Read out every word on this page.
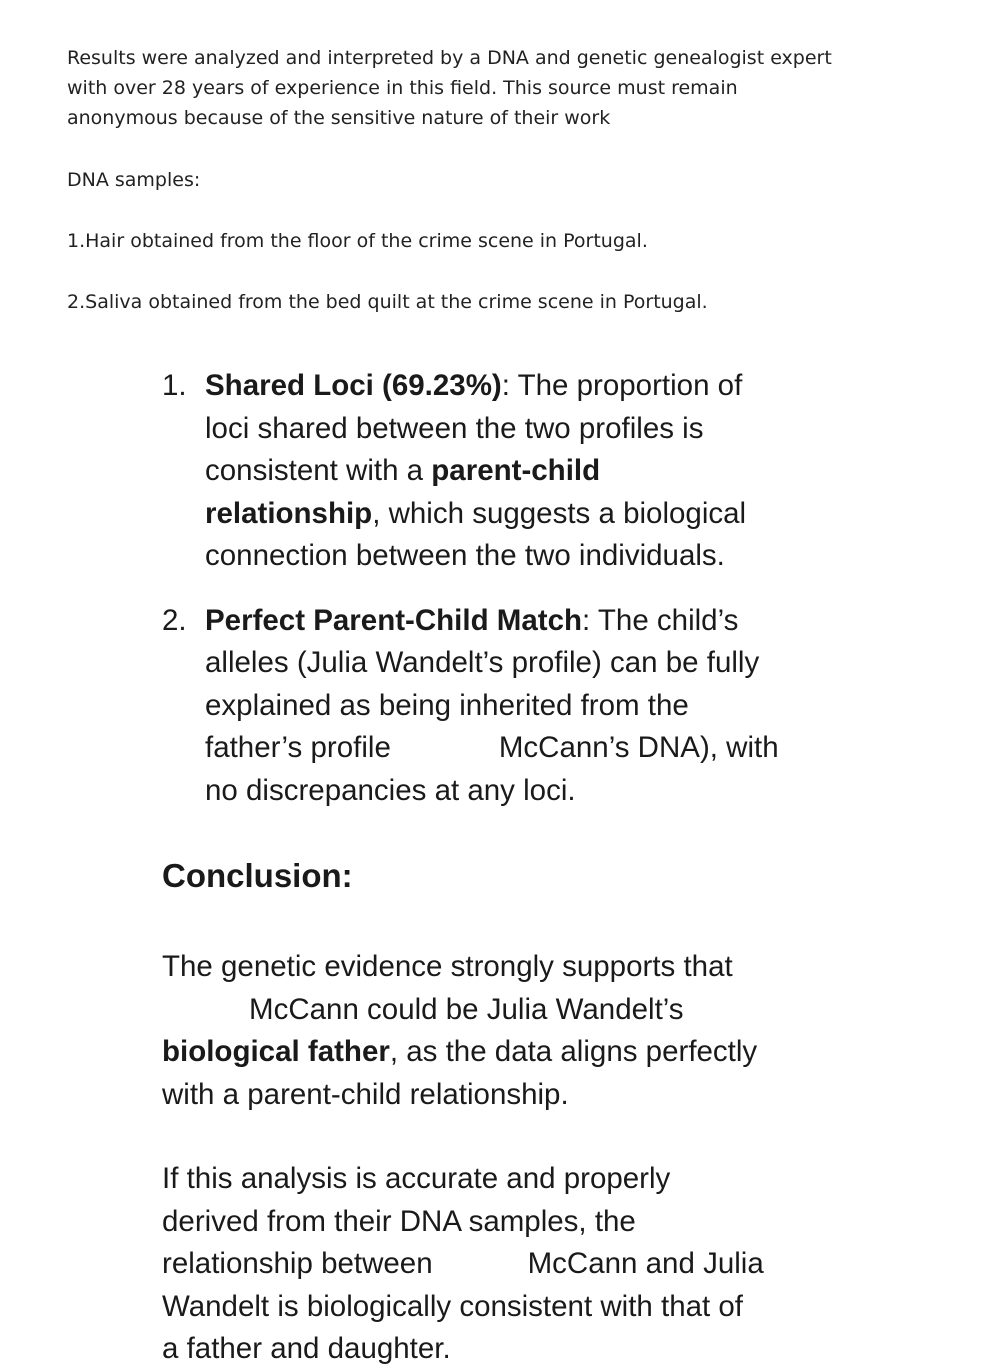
Results were analyzed and interpreted by a DNA and genetic genealogist expert
with over 28 years of experience in this field. This source must remain
anonymous because of the sensitive nature of their work
DNA samples:
1.Hair obtained from the floor of the crime scene in Portugal.
2.Saliva obtained from the bed quilt at the crime scene in Portugal.
1. Shared Loci (69.23%): The proportion of
loci shared between the two profiles is
consistent with a parent-child
relationship, which suggests a biological
connection between the two individuals.
2. Perfect Parent-Child Match: The child’s
alleles (Julia Wandelt’s profile) can be fully
explained as being inherited from the
father’s profile	McCann’s DNA), with
no discrepancies at any loci.
Conclusion:
The genetic evidence strongly supports that
McCann could be Julia Wandelt’s
biological father, as the data aligns perfectly
with a parent-child relationship.
If this analysis is accurate and properly
derived from their DNA samples, the
relationship between	McCann and Julia
Wandelt is biologically consistent with that of
a father and daughter.
